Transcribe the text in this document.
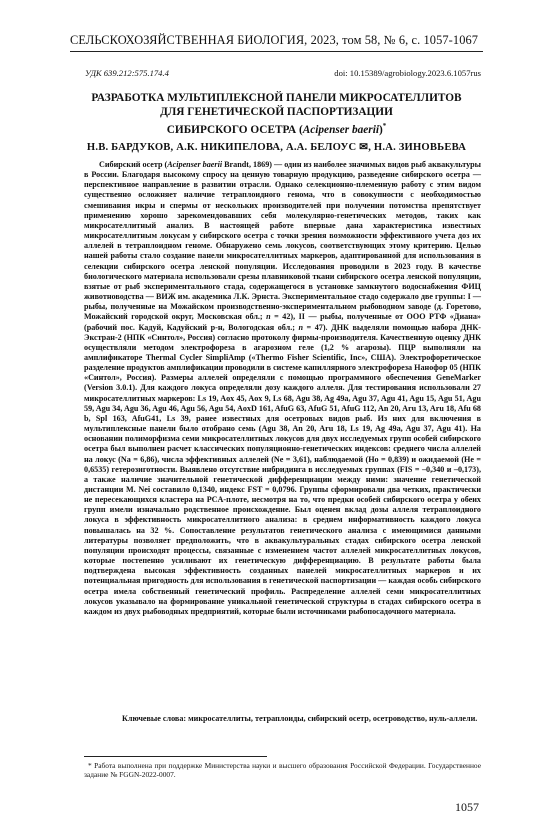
СЕЛЬСКОХОЗЯЙСТВЕННАЯ БИОЛОГИЯ, 2023, том 58, № 6, с. 1057-1067
УДК 639.212:575.174.4	doi: 10.15389/agrobiology.2023.6.1057rus
РАЗРАБОТКА МУЛЬТИПЛЕКСНОЙ ПАНЕЛИ МИКРОСАТЕЛЛИТОВ
ДЛЯ ГЕНЕТИЧЕСКОЙ ПАСПОРТИЗАЦИИ
СИБИРСКОГО ОСЕТРА (Acipenser baerii)*
Н.В. БАРДУКОВ, А.К. НИКИПЕЛОВА, А.А. БЕЛОУС ✉, Н.А. ЗИНОВЬЕВА
Сибирский осетр (Acipenser baerii Brandt, 1869) — один из наиболее значимых видов рыб аквакультуры в России. Благодаря высокому спросу на ценную товарную продукцию, разведение сибирского осетра — перспективное направление в развитии отрасли. Однако селекционно-племенную работу с этим видом существенно осложняет наличие тетраплоидного генома, что в совокупности с необходимостью смешивания икры и спермы от нескольких производителей при получении потомства препятствует применению хорошо зарекомендовавших себя молекулярно-генетических методов, таких как микросателлитный анализ. В настоящей работе впервые дана характеристика известных микросателлитным локусам у сибирского осетра с точки зрения возможности эффективного учета доз их аллелей в тетраплоидном геноме. Обнаружено семь локусов, соответствующих этому критерию. Целью нашей работы стало создание панели микросателлитных маркеров, адаптированной для использования в селекции сибирского осетра ленской популяции. Исследования проводили в 2023 году. В качестве биологического материала использовали срезы плавниковой ткани сибирского осетра ленской популяции, взятые от рыб экспериментального стада, содержащегося в установке замкнутого водоснабжения ФИЦ животноводства — ВИЖ им. академика Л.К. Эрнста. Экспериментальное стадо содержало две группы: I — рыбы, полученные на Можайском производственно-экспериментальном рыбоводном заводе (д. Горетово, Можайский городской округ, Московская обл.; n = 42), II — рыбы, полученные от ООО РТФ «Диана» (рабочий пос. Кадуй, Кадуйский р-н, Вологодская обл.; n = 47). ДНК выделяли помощью набора ДНК-Экстран-2 (НПК «Синтол», Россия) согласно протоколу фирмы-производителя. Качественную оценку ДНК осуществляли методом электрофореза в агарозном геле (1,2 % агарозы). ПЦР выполняли на амплификаторе Thermal Cycler SimpliAmp («Thermo Fisher Scientific, Inc», США). Электрофоретическое разделение продуктов амплификации проводили в системе капиллярного электрофореза Нанофор 05 (НПК «Синтол», Россия). Размеры аллелей определяли с помощью программного обеспечения GeneMarker (Version 3.0.1). Для каждого локуса определяли дозу каждого аллеля. Для тестирования использовали 27 микросателлитных маркеров: Ls 19, Aox 45, Aox 9, Ls 68, Agu 38, Ag 49a, Agu 37, Agu 41, Agu 15, Agu 51, Agu 59, Agu 34, Agu 36, Agu 46, Agu 56, Agu 54, AoxD 161, AfuG 63, AfuG 51, AfuG 112, An 20, Aru 13, Aru 18, Afu 68 b, Spl 163, AfuG41, Ls 39, ранее известных для осетровых видов рыб. Из них для включения в мультиплексные панели было отобрано семь (Agu 38, An 20, Aru 18, Ls 19, Ag 49a, Agu 37, Agu 41). На основании полиморфизма семи микросателлитных локусов для двух исследуемых групп особей сибирского осетра был выполнен расчет классических популяционно-генетических индексов: среднего числа аллелей на локус (Na = 6,86), числа эффективных аллелей (Ne = 3,61), наблюдаемой (Ho = 0,839) и ожидаемой (He = 0,6535) гетерозиготности. Выявлено отсутствие инбридинга в исследуемых группах (FIS = –0,340 и –0,173), а также наличие значительной генетической дифференциации между ними: значение генетической дистанции M. Nei составило 0,1340, индекс FST = 0,0796. Группы сформировали два четких, практически не пересекающихся кластера на PCA-плоте, несмотря на то, что предки особей сибирского осетра у обеих групп имели изначально родственное происхождение. Был оценен вклад дозы аллеля тетраплоидного локуса в эффективность микросателлитного анализа: в среднем информативность каждого локуса повышалась на 32 %. Сопоставление результатов генетического анализа с имеющимися данными литературы позволяет предположить, что в аквакультуральных стадах сибирского осетра ленской популяции происходят процессы, связанные с изменением частот аллелей микросателлитных локусов, которые постепенно усиливают их генетическую дифференциацию. В результате работы была подтверждена высокая эффективность созданных панелей микросателлитных маркеров и их потенциальная пригодность для использования в генетической паспортизации — каждая особь сибирского осетра имела собственный генетический профиль. Распределение аллелей семи микросателлитных локусов указывало на формирование уникальной генетической структуры в стадах сибирского осетра в каждом из двух рыбоводных предприятий, которые были источниками рыбопосадочного материала.
Ключевые слова: микросателлиты, тетраплоиды, сибирский осетр, осетроводство, нуль-аллели.
* Работа выполнена при поддержке Министерства науки и высшего образования Российской Федерации. Государственное задание № FGGN-2022-0007.
1057
